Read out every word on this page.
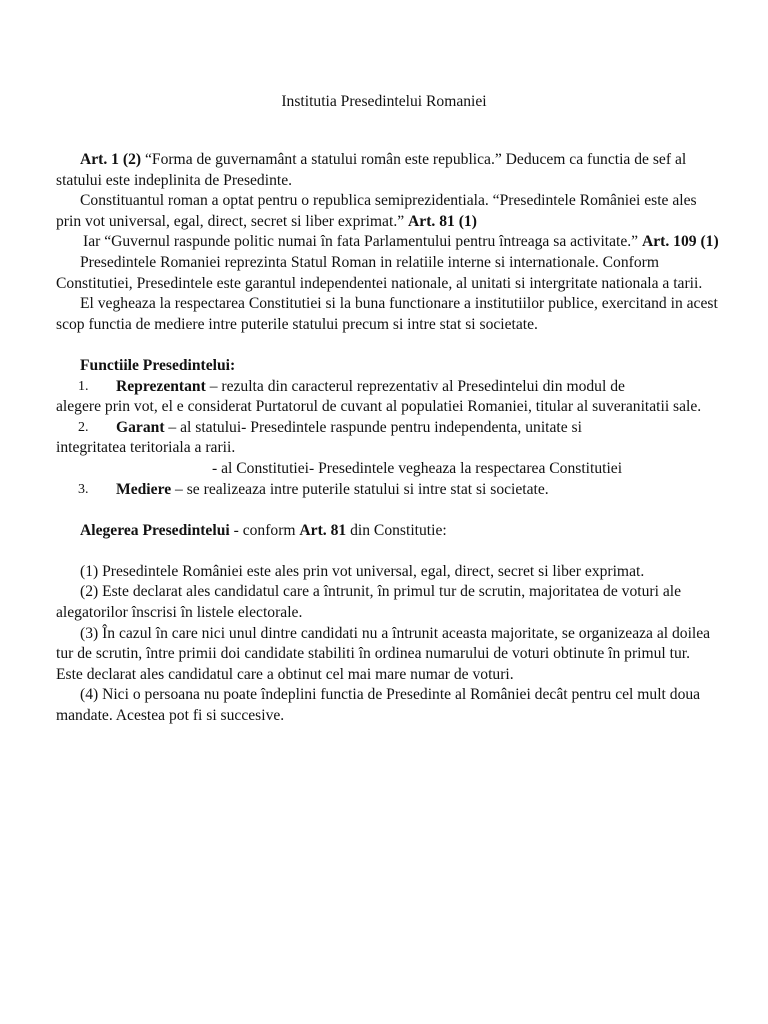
Institutia Presedintelui Romaniei

Art. 1 (2) “Forma de guvernamânt a statului român este republica.” Deducem ca functia de sef al statului este indeplinita de Presedinte.

Constituantul roman a optat pentru o republica semiprezidentiala. “Presedintele României este ales prin vot universal, egal, direct, secret si liber exprimat.” Art. 81 (1)

Iar “Guvernul raspunde politic numai în fata Parlamentului pentru întreaga sa activitate.” Art. 109 (1)

Presedintele Romaniei reprezinta Statul Roman in relatiile interne si internationale. Conform Constitutiei, Presedintele este garantul independentei nationale, al unitati si intergritate nationala a tarii.

El vegheaza la respectarea Constitutiei si la buna functionare a institutiilor publice, exercitand in acest scop functia de mediere intre puterile statului precum si intre stat si societate.

Functiile Presedintelui:

1.	Reprezentant – rezulta din caracterul reprezentativ al Presedintelui din modul de
alegere prin vot, el e considerat Purtatorul de cuvant al populatiei Romaniei, titular al suveranitatii sale.
2.	Garant – al statului- Presedintele raspunde pentru independenta, unitate si
integritatea teritoriala a rarii.

- al Constitutiei- Presedintele vegheaza la respectarea Constitutiei

3.	Mediere – se realizeaza intre puterile statului si intre stat si societate.

Alegerea Presedintelui - conform Art. 81 din Constitutie:

(1) Presedintele României este ales prin vot universal, egal, direct, secret si liber exprimat.

(2) Este declarat ales candidatul care a întrunit, în primul tur de scrutin, majoritatea de voturi ale alegatorilor înscrisi în listele electorale.

(3) În cazul în care nici unul dintre candidati nu a întrunit aceasta majoritate, se organizeaza al doilea tur de scrutin, între primii doi candidate stabiliti în ordinea numarului de voturi obtinute în primul tur. Este declarat ales candidatul care a obtinut cel mai mare numar de voturi.

(4) Nici o persoana nu poate îndeplini functia de Presedinte al României decât pentru cel mult doua mandate. Acestea pot fi si succesive.
